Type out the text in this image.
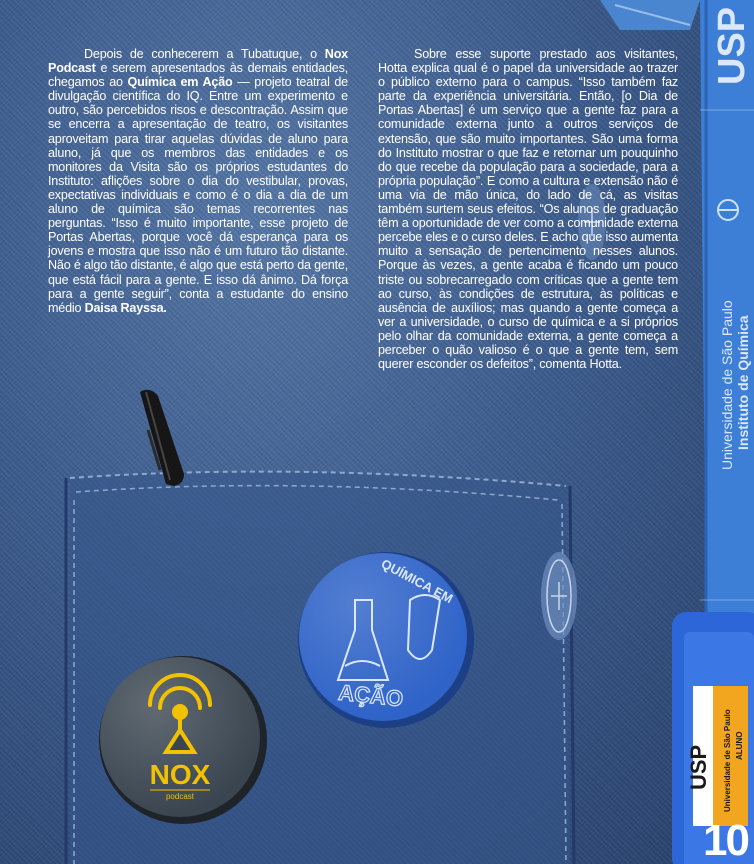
NOX
podcast
QUÍMICA EM
AÇÃO
USP Universidade de São Paulo ALUNO
USP
Universidade de São Paulo Instituto de Química

Depois de conhecerem a Tubatuque, o Nox Podcast e serem apresentados às demais entidades, chegamos ao Química em Ação — projeto teatral de divulgação científica do IQ. Entre um experimento e outro, são percebidos risos e descontração. Assim que se encerra a apresentação de teatro, os visitantes aproveitam para tirar aquelas dúvidas de aluno para aluno, já que os membros das entidades e os monitores da Visita são os próprios estudantes do Instituto: aflições sobre o dia do vestibular, provas, expectativas individuais e como é o dia a dia de um aluno de química são temas recorrentes nas perguntas. “Isso é muito importante, esse projeto de Portas Abertas, porque você dá esperança para os jovens e mostra que isso não é um futuro tão distante. Não é algo tão distante, é algo que está perto da gente, que está fácil para a gente. E isso dá ânimo. Dá força para a gente seguir”, conta a estudante do ensino médio Daisa Rayssa.

Sobre esse suporte prestado aos visitantes, Hotta explica qual é o papel da universidade ao trazer o público externo para o campus. “Isso também faz parte da experiência universitária. Então, [o Dia de Portas Abertas] é um serviço que a gente faz para a comunidade externa junto a outros serviços de extensão, que são muito importantes. São uma forma do Instituto mostrar o que faz e retornar um pouquinho do que recebe da população para a sociedade, para a própria população”. E como a cultura e extensão não é uma via de mão única, do lado de cá, as visitas também surtem seus efeitos. “Os alunos de graduação têm a oportunidade de ver como a comunidade externa percebe eles e o curso deles. E acho que isso aumenta muito a sensação de pertencimento nesses alunos. Porque às vezes, a gente acaba é ficando um pouco triste ou sobrecarregado com críticas que a gente tem ao curso, às condições de estrutura, às políticas e ausência de auxílios; mas quando a gente começa a ver a universidade, o curso de química e a si próprios pelo olhar da comunidade externa, a gente começa a perceber o quão valioso é o que a gente tem, sem querer esconder os defeitos”, comenta Hotta.

10
